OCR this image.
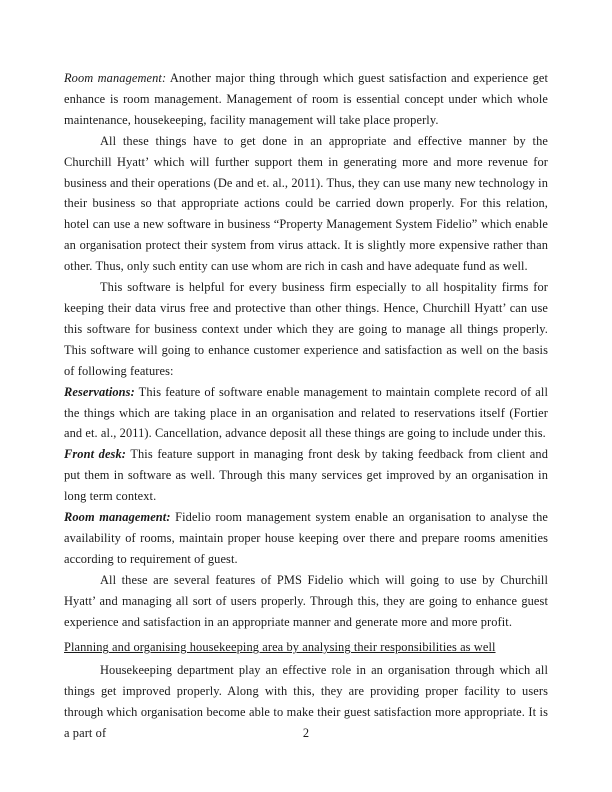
Room management: Another major thing through which guest satisfaction and experience get enhance is room management. Management of room is essential concept under which whole maintenance, housekeeping, facility management will take place properly.

All these things have to get done in an appropriate and effective manner by the Churchill Hyatt’ which will further support them in generating more and more revenue for business and their operations (De and et. al., 2011). Thus, they can use many new technology in their business so that appropriate actions could be carried down properly. For this relation, hotel can use a new software in business “Property Management System Fidelio” which enable an organisation protect their system from virus attack. It is slightly more expensive rather than other. Thus, only such entity can use whom are rich in cash and have adequate fund as well.

This software is helpful for every business firm especially to all hospitality firms for keeping their data virus free and protective than other things. Hence, Churchill Hyatt’ can use this software for business context under which they are going to manage all things properly. This software will going to enhance customer experience and satisfaction as well on the basis of following features:

Reservations: This feature of software enable management to maintain complete record of all the things which are taking place in an organisation and related to reservations itself (Fortier and et. al., 2011). Cancellation, advance deposit all these things are going to include under this.

Front desk: This feature support in managing front desk by taking feedback from client and put them in software as well. Through this many services get improved by an organisation in long term context.

Room management: Fidelio room management system enable an organisation to analyse the availability of rooms, maintain proper house keeping over there and prepare rooms amenities according to requirement of guest.

All these are several features of PMS Fidelio which will going to use by Churchill Hyatt’ and managing all sort of users properly. Through this, they are going to enhance guest experience and satisfaction in an appropriate manner and generate more and more profit.

Planning and organising housekeeping area by analysing their responsibilities as well

Housekeeping department play an effective role in an organisation through which all things get improved properly. Along with this, they are providing proper facility to users through which organisation become able to make their guest satisfaction more appropriate. It is a part of	2
